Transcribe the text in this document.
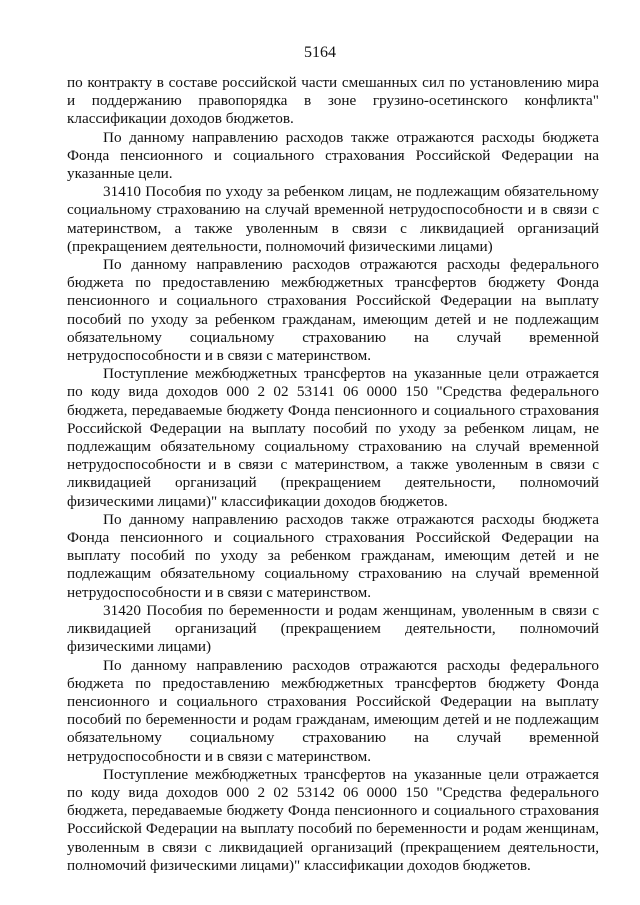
5164

по контракту в составе российской части смешанных сил по установлению мира и поддержанию правопорядка в зоне грузино-осетинского конфликта" классификации доходов бюджетов.

По данному направлению расходов также отражаются расходы бюджета Фонда пенсионного и социального страхования Российской Федерации на указанные цели.

31410 Пособия по уходу за ребенком лицам, не подлежащим обязательному социальному страхованию на случай временной нетрудоспособности и в связи с материнством, а также уволенным в связи с ликвидацией организаций (прекращением деятельности, полномочий физическими лицами)

По данному направлению расходов отражаются расходы федерального бюджета по предоставлению межбюджетных трансфертов бюджету Фонда пенсионного и социального страхования Российской Федерации на выплату пособий по уходу за ребенком гражданам, имеющим детей и не подлежащим обязательному социальному страхованию на случай временной нетрудоспособности и в связи с материнством.

Поступление межбюджетных трансфертов на указанные цели отражается по коду вида доходов 000 2 02 53141 06 0000 150 "Средства федерального бюджета, передаваемые бюджету Фонда пенсионного и социального страхования Российской Федерации на выплату пособий по уходу за ребенком лицам, не подлежащим обязательному социальному страхованию на случай временной нетрудоспособности и в связи с материнством, а также уволенным в связи с ликвидацией организаций (прекращением деятельности, полномочий физическими лицами)" классификации доходов бюджетов.

По данному направлению расходов также отражаются расходы бюджета Фонда пенсионного и социального страхования Российской Федерации на выплату пособий по уходу за ребенком гражданам, имеющим детей и не подлежащим обязательному социальному страхованию на случай временной нетрудоспособности и в связи с материнством.

31420 Пособия по беременности и родам женщинам, уволенным в связи с ликвидацией организаций (прекращением деятельности, полномочий физическими лицами)

По данному направлению расходов отражаются расходы федерального бюджета по предоставлению межбюджетных трансфертов бюджету Фонда пенсионного и социального страхования Российской Федерации на выплату пособий по беременности и родам гражданам, имеющим детей и не подлежащим обязательному социальному страхованию на случай временной нетрудоспособности и в связи с материнством.

Поступление межбюджетных трансфертов на указанные цели отражается по коду вида доходов 000 2 02 53142 06 0000 150 "Средства федерального бюджета, передаваемые бюджету Фонда пенсионного и социального страхования Российской Федерации на выплату пособий по беременности и родам женщинам, уволенным в связи с ликвидацией организаций (прекращением деятельности, полномочий физическими лицами)" классификации доходов бюджетов.
